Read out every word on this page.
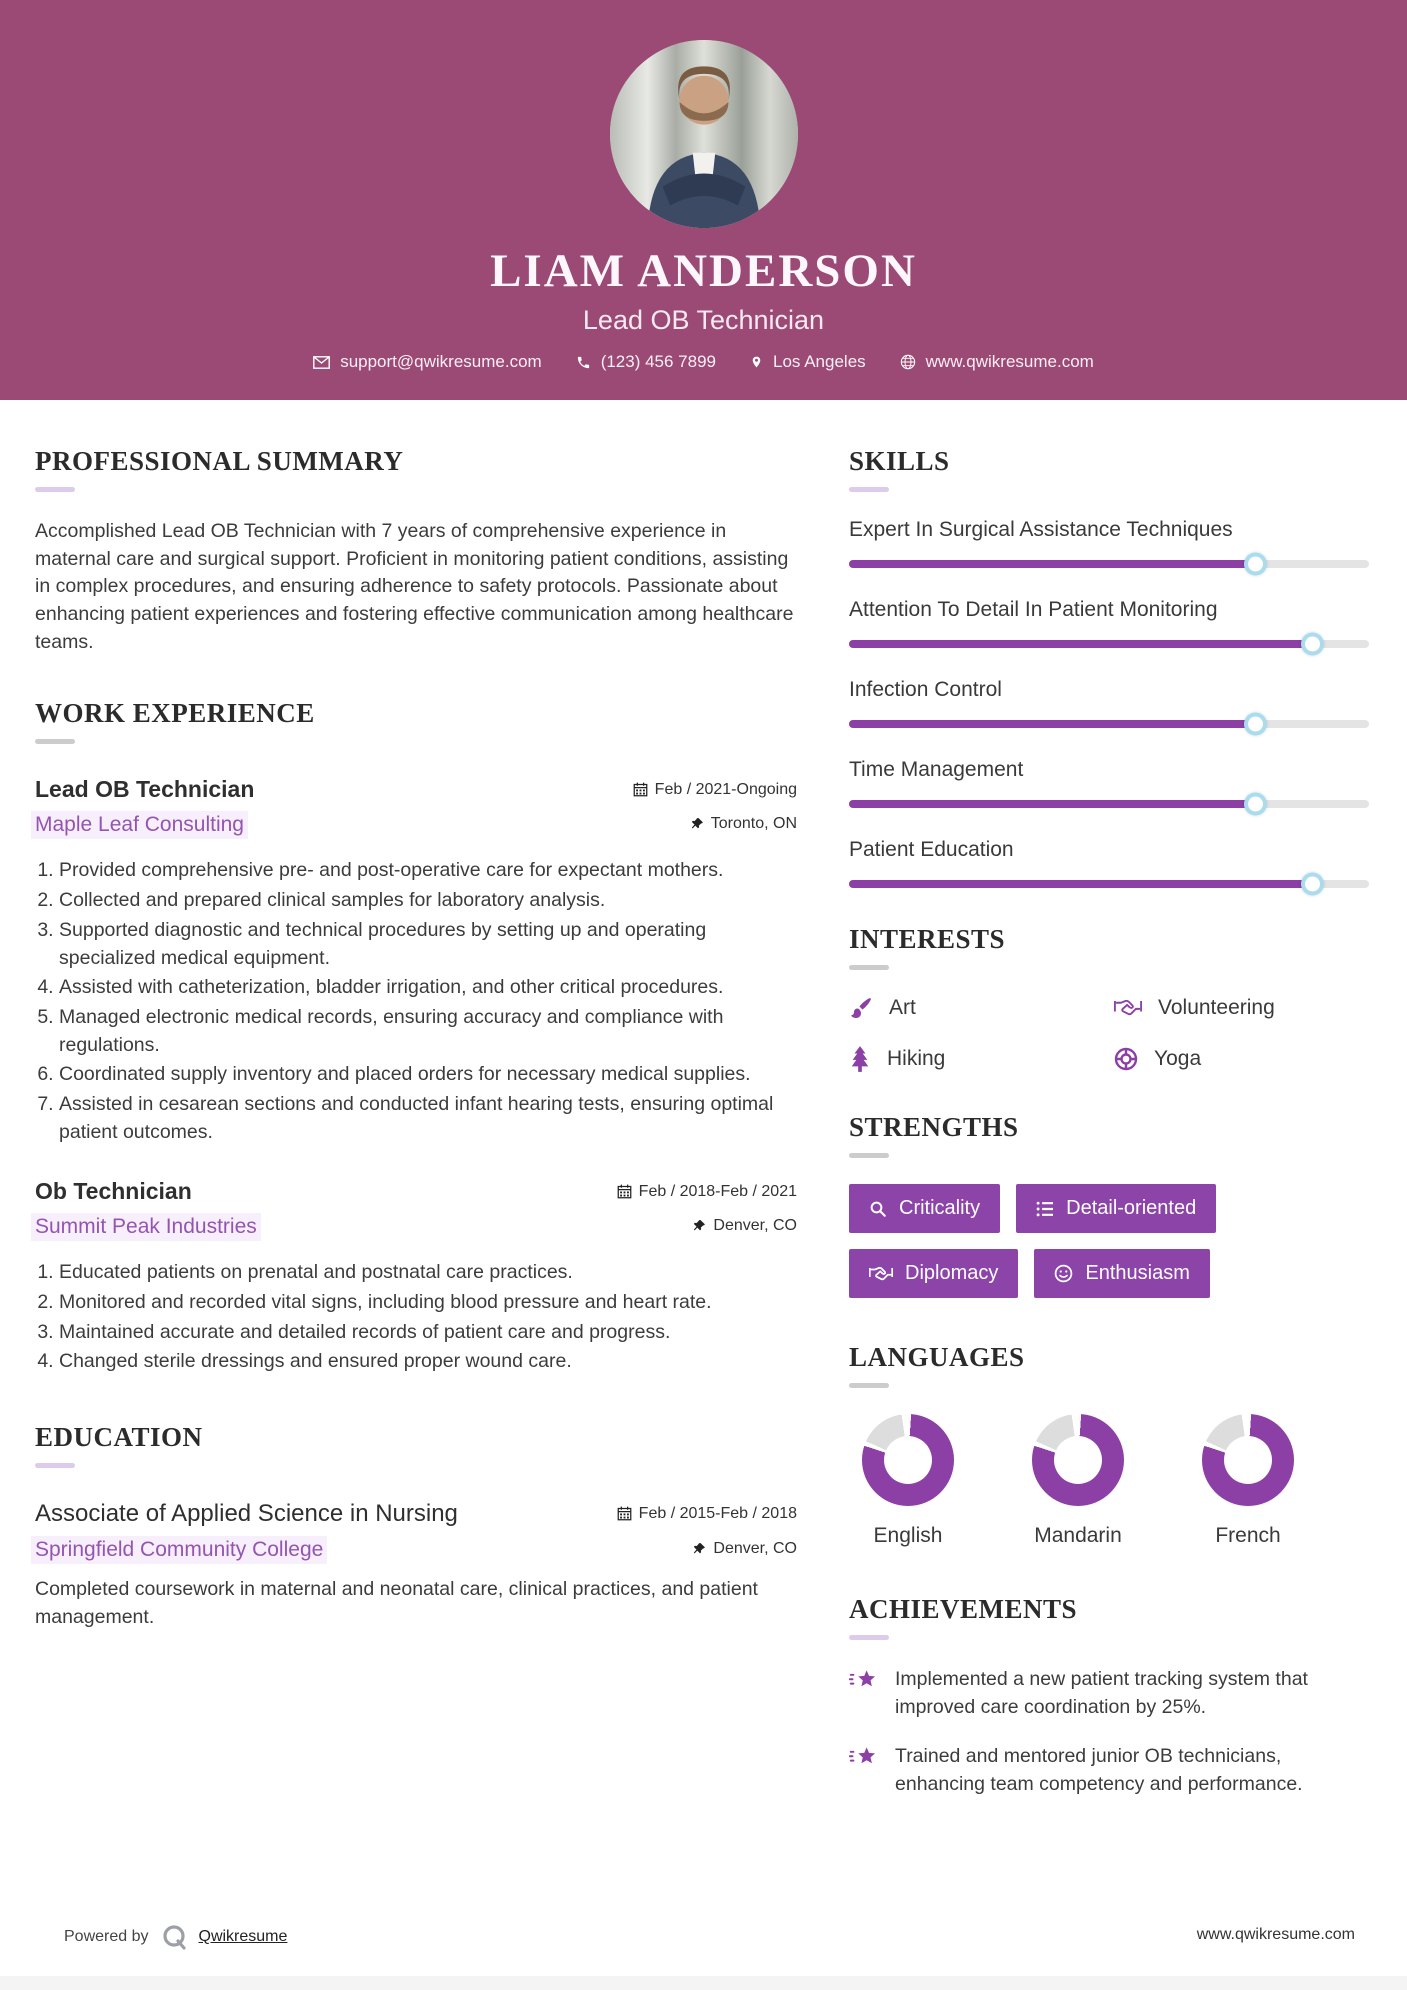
LIAM ANDERSON
Lead OB Technician
support@qwikresume.com	(123) 456 7899	Los Angeles	www.qwikresume.com
PROFESSIONAL SUMMARY

Accomplished Lead OB Technician with 7 years of comprehensive experience in maternal care and surgical support. Proficient in monitoring patient conditions, assisting in complex procedures, and ensuring adherence to safety protocols. Passionate about enhancing patient experiences and fostering effective communication among healthcare teams.

WORK EXPERIENCE
Lead OB Technician	Feb / 2021-Ongoing
Maple Leaf Consulting	Toronto, ON
1. Provided comprehensive pre- and post-operative care for expectant mothers.
2. Collected and prepared clinical samples for laboratory analysis.
3. Supported diagnostic and technical procedures by setting up and operating specialized medical equipment.
4. Assisted with catheterization, bladder irrigation, and other critical procedures.
5. Managed electronic medical records, ensuring accuracy and compliance with regulations.
6. Coordinated supply inventory and placed orders for necessary medical supplies.
7. Assisted in cesarean sections and conducted infant hearing tests, ensuring optimal patient outcomes.
Ob Technician	Feb / 2018-Feb / 2021
Summit Peak Industries	Denver, CO
1. Educated patients on prenatal and postnatal care practices.
2. Monitored and recorded vital signs, including blood pressure and heart rate.
3. Maintained accurate and detailed records of patient care and progress.
4. Changed sterile dressings and ensured proper wound care.
EDUCATION
Associate of Applied Science in Nursing	Feb / 2015-Feb / 2018
Springfield Community College	Denver, CO

Completed coursework in maternal and neonatal care, clinical practices, and patient management.

SKILLS
Expert In Surgical Assistance Techniques
Attention To Detail In Patient Monitoring
Infection Control
Time Management
Patient Education
INTERESTS
Art	Volunteering
Hiking	Yoga
STRENGTHS
Criticality	Detail-oriented
Diplomacy	Enthusiasm
LANGUAGES
English	Mandarin	French
ACHIEVEMENTS
Implemented a new patient tracking system that improved care coordination by 25%.
Trained and mentored junior OB technicians, enhancing team competency and performance.
Powered by	Qwikresume	www.qwikresume.com
